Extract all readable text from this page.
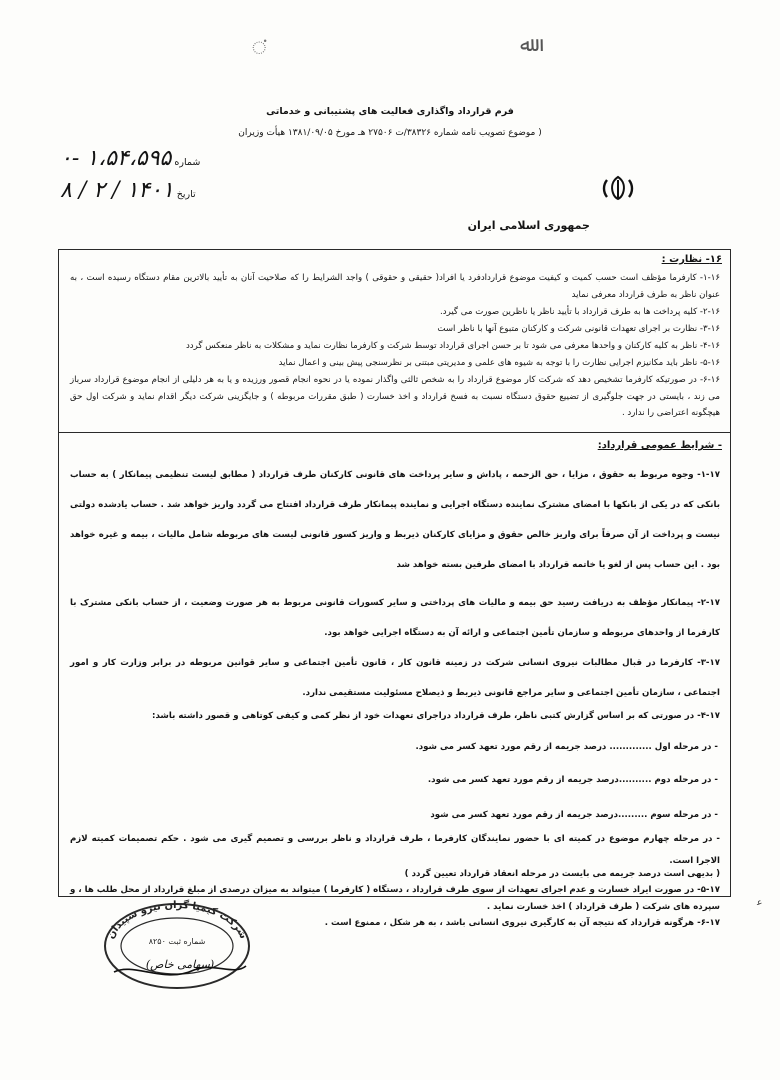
ਂ	ﷲ
فرم قرارداد واگذاری فعالیت های پشتیبانی و خدماتی
( موضوع تصویب نامه شماره ۳۸۳۲۶/ت ۲۷۵۰۶ هـ مورخ ۱۳۸۱/۰۹/۰۵ هیأت وزیران
شماره ۱،۵۴،۵۹۵ -۰
تاریخ ۱۴۰۱ / ۲ / ۸
جمهوری اسلامی ایران
۱۶- نظارت :
۱-۱۶- کارفرما مؤظف است حسب کمیت و کیفیت موضوع قراردادفرد یا افراد( حقیقی و حقوقی ) واجد الشرایط را که صلاحیت آنان به تأیید بالاترین مقام دستگاه رسیده است ، به عنوان ناظر به طرف قرارداد معرفی نماید
۲-۱۶- کلیه پرداخت ها به طرف قرارداد با تأیید ناظر یا ناظرین صورت می گیرد.
۳-۱۶- نظارت بر اجرای تعهدات قانونی شرکت و کارکنان متبوع آنها با ناظر است
۴-۱۶- ناظر به کلیه کارکنان و واحدها معرفی می شود تا بر حسن اجرای قرارداد توسط شرکت و کارفرما نظارت نماید و مشکلات به ناظر منعکس گردد
۵-۱۶- ناظر باید مکانیزم اجرایی نظارت را با توجه به شیوه های علمی و مدیریتی مبتنی بر نظرسنجی پیش بینی و اعمال نماید
۶-۱۶- در صورتیکه کارفرما تشخیص دهد که شرکت کار موضوع قرارداد را به شخص ثالثی واگذار نموده یا در نحوه انجام قصور ورزیده و یا به هر دلیلی از انجام موضوع قرارداد سرباز می زند ، بایستی در جهت جلوگیری از تضییع حقوق دستگاه نسبت به فسخ قرارداد و اخذ خسارت ( طبق مقررات مربوطه ) و جایگزینی شرکت دیگر اقدام نماید و شرکت اول حق هیچگونه اعتراضی را ندارد .
- شرایط عمومی قرارداد:
۱-۱۷- وجوه مربوط به حقوق ، مزایا ، حق الزحمه ، پاداش و سایر پرداخت های قانونی کارکنان طرف قرارداد ( مطابق لیست تنظیمی پیمانکار ) به حساب بانکی که در یکی از بانکها با امضای مشترک نماینده دستگاه اجرایی و نماینده پیمانکار طرف قرارداد افتتاح می گردد واریز خواهد شد . حساب یادشده دولتی نیست و پرداخت از آن صرفاً برای واریز خالص حقوق و مزایای کارکنان ذیربط و واریز کسور قانونی لیست های مربوطه شامل مالیات ، بیمه و غیره خواهد بود . این حساب پس از لغو یا خاتمه قرارداد با امضای طرفین بسته خواهد شد
۲-۱۷- پیمانکار مؤظف به دریافت رسید حق بیمه و مالیات های پرداختی و سایر کسورات قانونی مربوط به هر صورت وضعیت ، از حساب بانکی مشترک با کارفرما از واحدهای مربوطه و سازمان تأمین اجتماعی و ارائه آن به دستگاه اجرایی خواهد بود.
۳-۱۷- کارفرما در قبال مطالبات نیروی انسانی شرکت در زمینه قانون کار ، قانون تأمین اجتماعی و سایر قوانین مربوطه در برابر وزارت کار و امور اجتماعی ، سازمان تأمین اجتماعی و سایر مراجع قانونی ذیربط و ذیصلاح مسئولیت مستقیمی ندارد.
۴-۱۷- در صورتی که بر اساس گزارش کتبی ناظر، طرف قرارداد دراجرای تعهدات خود از نظر کمی و کیفی کوتاهی و قصور داشته باشد:
- در مرحله اول ............. درصد جریمه از رقم مورد تعهد کسر می شود.
- در مرحله دوم ..........درصد جریمه از رقم مورد تعهد کسر می شود.
- در مرحله سوم .........درصد جریمه از رقم مورد تعهد کسر می شود
- در مرحله چهارم موضوع در کمیته ای با حضور نمایندگان کارفرما ، طرف قرارداد و ناظر بررسی و تصمیم گیری می شود . حکم تصمیمات کمیته لازم الاجرا است.
( بدیهی است درصد جریمه می بایست در مرحله انعقاد قرارداد تعیین گردد )
۵-۱۷- در صورت ایراد خسارت و عدم اجرای تعهدات از سوی طرف قرارداد ، دستگاه ( کارفرما ) میتواند به میزان درصدی از مبلغ قرارداد از محل طلب ها ، و سپرده های شرکت ( طرف قرارداد ) اخذ خسارت نماید .
۶-۱۷- هرگونه قرارداد که نتیجه آن به کارگیری نیروی انسانی باشد ، به هر شکل ، ممنوع است .
شرکت کیمیا گران نیرو سپیدان
شماره ثبت ۸۲۵۰
(سهامی خاص)
ﻋ
